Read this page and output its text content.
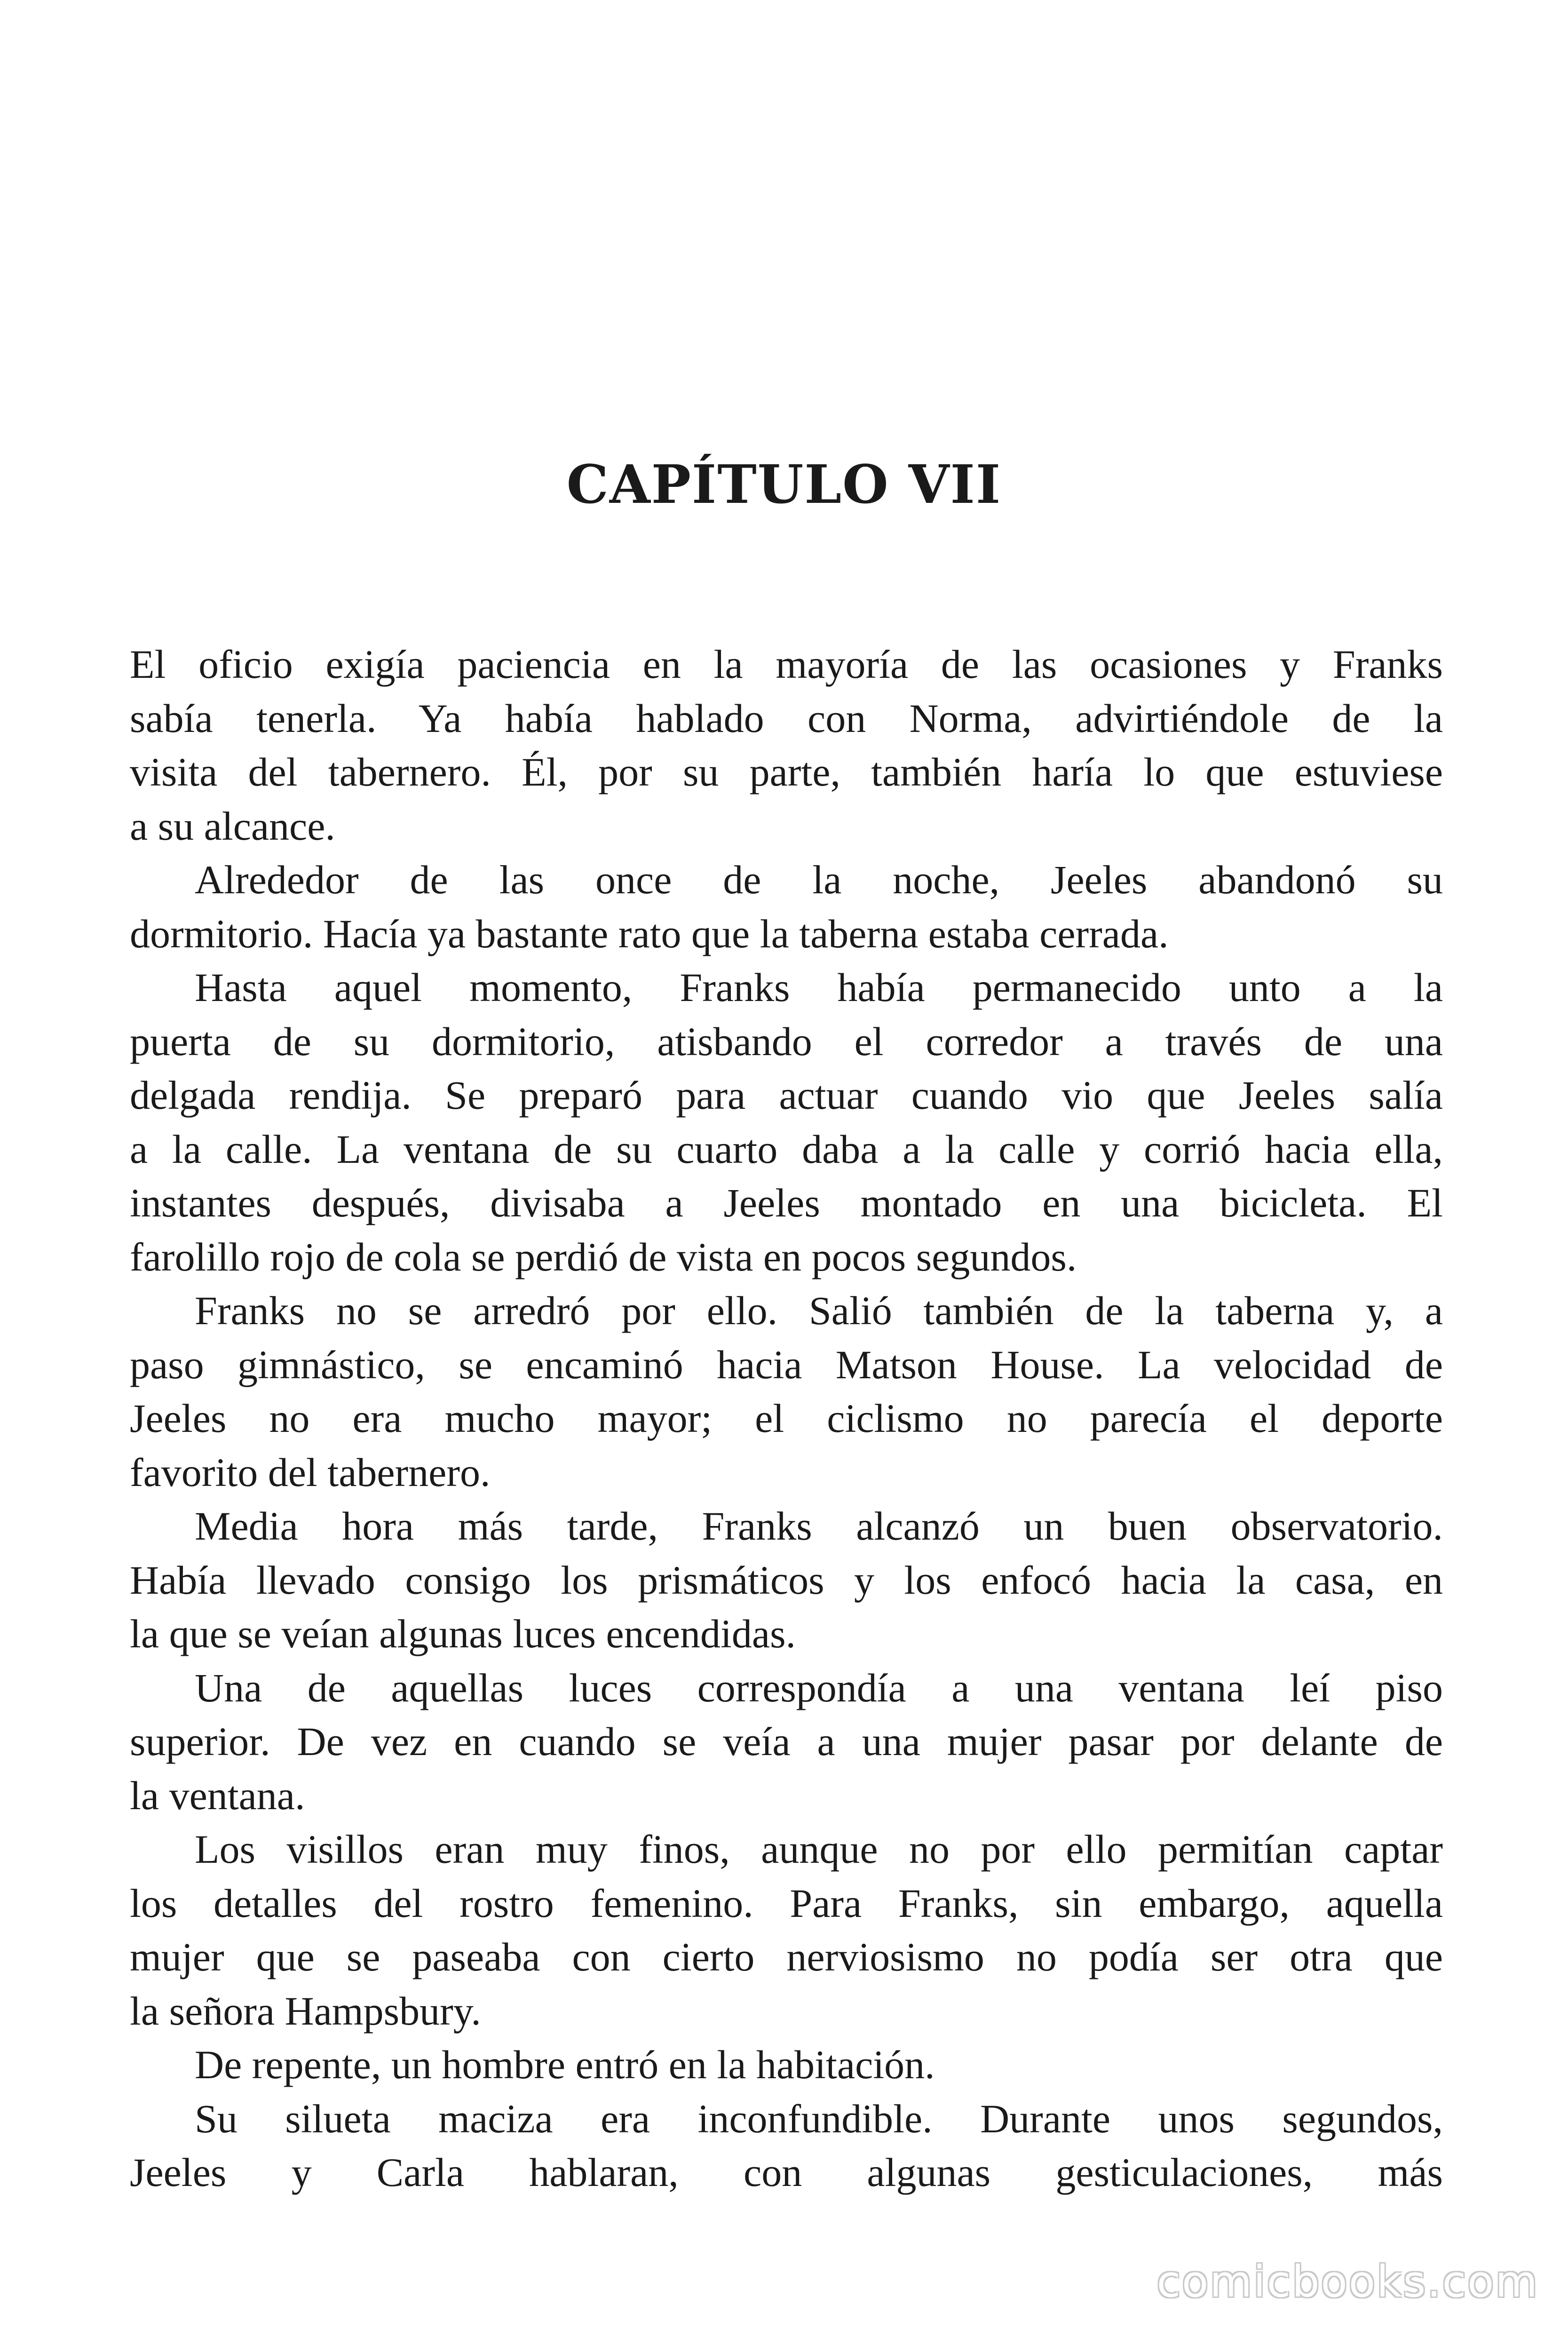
CAPÍTULO VII
El oficio exigía paciencia en la mayoría de las ocasiones y Franks
sabía tenerla. Ya había hablado con Norma, advirtiéndole de la
visita del tabernero. Él, por su parte, también haría lo que estuviese
a su alcance.
Alrededor de las once de la noche, Jeeles abandonó su
dormitorio. Hacía ya bastante rato que la taberna estaba cerrada.
Hasta aquel momento, Franks había permanecido unto a la
puerta de su dormitorio, atisbando el corredor a través de una
delgada rendija. Se preparó para actuar cuando vio que Jeeles salía
a la calle. La ventana de su cuarto daba a la calle y corrió hacia ella,
instantes después, divisaba a Jeeles montado en una bicicleta. El
farolillo rojo de cola se perdió de vista en pocos segundos.
Franks no se arredró por ello. Salió también de la taberna y, a
paso gimnástico, se encaminó hacia Matson House. La velocidad de
Jeeles no era mucho mayor; el ciclismo no parecía el deporte
favorito del tabernero.
Media hora más tarde, Franks alcanzó un buen observatorio.
Había llevado consigo los prismáticos y los enfocó hacia la casa, en
la que se veían algunas luces encendidas.
Una de aquellas luces correspondía a una ventana leí piso
superior. De vez en cuando se veía a una mujer pasar por delante de
la ventana.
Los visillos eran muy finos, aunque no por ello permitían captar
los detalles del rostro femenino. Para Franks, sin embargo, aquella
mujer que se paseaba con cierto nerviosismo no podía ser otra que
la señora Hampsbury.
De repente, un hombre entró en la habitación.
Su silueta maciza era inconfundible. Durante unos segundos,
Jeeles y Carla hablaran, con algunas gesticulaciones, más
comicbooks.com
